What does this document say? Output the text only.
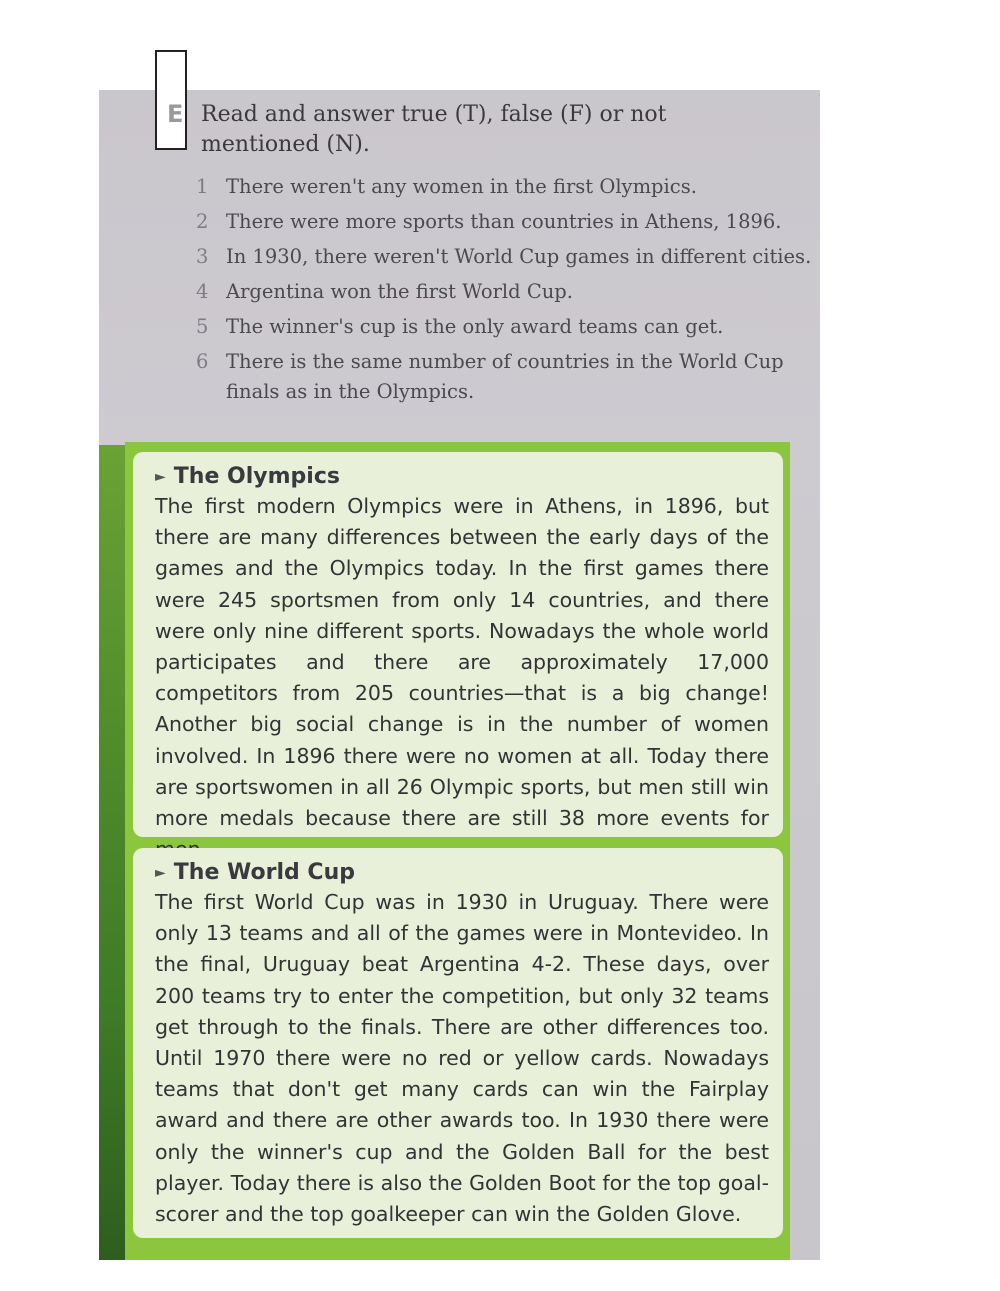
E Read and answer true (T), false (F) or not mentioned (N).
1 There weren't any women in the first Olympics.
2 There were more sports than countries in Athens, 1896.
3 In 1930, there weren't World Cup games in different cities.
4 Argentina won the first World Cup.
5 The winner's cup is the only award teams can get.
6 There is the same number of countries in the World Cup finals as in the Olympics.
► The Olympics

The first modern Olympics were in Athens, in 1896, but there are many differences between the early days of the games and the Olympics today. In the first games there were 245 sportsmen from only 14 countries, and there were only nine different sports. Nowadays the whole world participates and there are approximately 17,000 competitors from 205 countries—that is a big change! Another big social change is in the number of women involved. In 1896 there were no women at all. Today there are sportswomen in all 26 Olympic sports, but men still win more medals because there are still 38 more events for

► The World Cup

The first World Cup was in 1930 in Uruguay. There were only 13 teams and all of the games were in Montevideo. In the final, Uruguay beat Argentina 4-2. These days, over 200 teams try to enter the competition, but only 32 teams get through to the finals. There are other differences too. Until 1970 there were no red or yellow cards. Nowadays teams that don't get many cards can win the Fairplay award and there are other awards too. In 1930 there were only the winner's cup and the Golden Ball for the best player. Today there is also the Golden Boot for the top goal-scorer and the top goalkeeper can win the Golden Glove.
